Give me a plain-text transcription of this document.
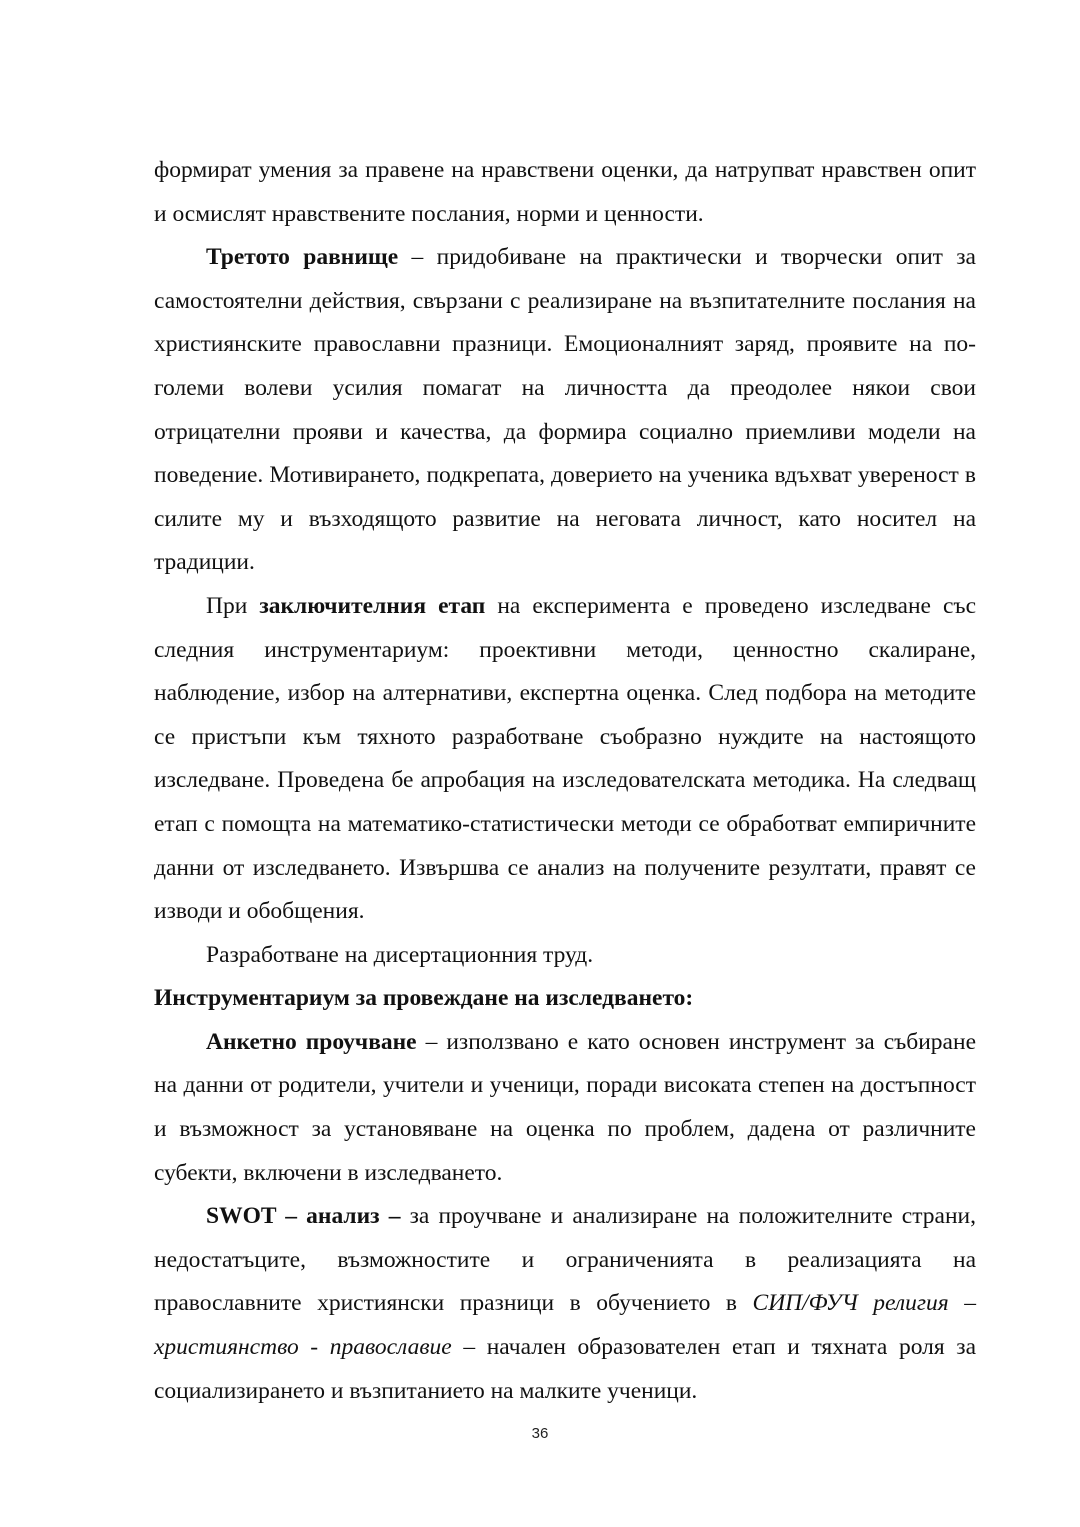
формират умения за правене на нравствени оценки, да натрупват нравствен опит и осмислят нравствените послания, норми и ценности.

Третото равнище – придобиване на практически и творчески опит за самостоятелни действия, свързани с реализиране на възпитателните послания на християнските православни празници. Емоционалният заряд, проявите на по-големи волеви усилия помагат на личността да преодолее някои свои отрицателни прояви и качества, да формира социално приемливи модели на поведение. Мотивирането, подкрепата, доверието на ученика вдъхват увереност в силите му и възходящото развитие на неговата личност, като носител на традиции.

При заключителния етап на експеримента е проведено изследване със следния инструментариум: проективни методи, ценностно скалиране, наблюдение, избор на алтернативи, експертна оценка. След подбора на методите се пристъпи към тяхното разработване съобразно нуждите на настоящото изследване. Проведена бе апробация на изследователската методика. На следващ етап с помощта на математико-статистически методи се обработват емпиричните данни от изследването. Извършва се анализ на получените резултати, правят се изводи и обобщения.

Разработване на дисертационния труд.

Инструментариум за провеждане на изследването:

Анкетно проучване – използвано е като основен инструмент за събиране на данни от родители, учители и ученици, поради високата степен на достъпност и възможност за установяване на оценка по проблем, дадена от различните субекти, включени в изследването.

SWOT – анализ – за проучване и анализиране на положителните страни, недостатъците, възможностите и ограниченията в реализацията на православните християнски празници в обучението в СИП/ФУЧ религия – християнство - православие – начален образователен етап и тяхната роля за социализирането и възпитанието на малките ученици.

36
